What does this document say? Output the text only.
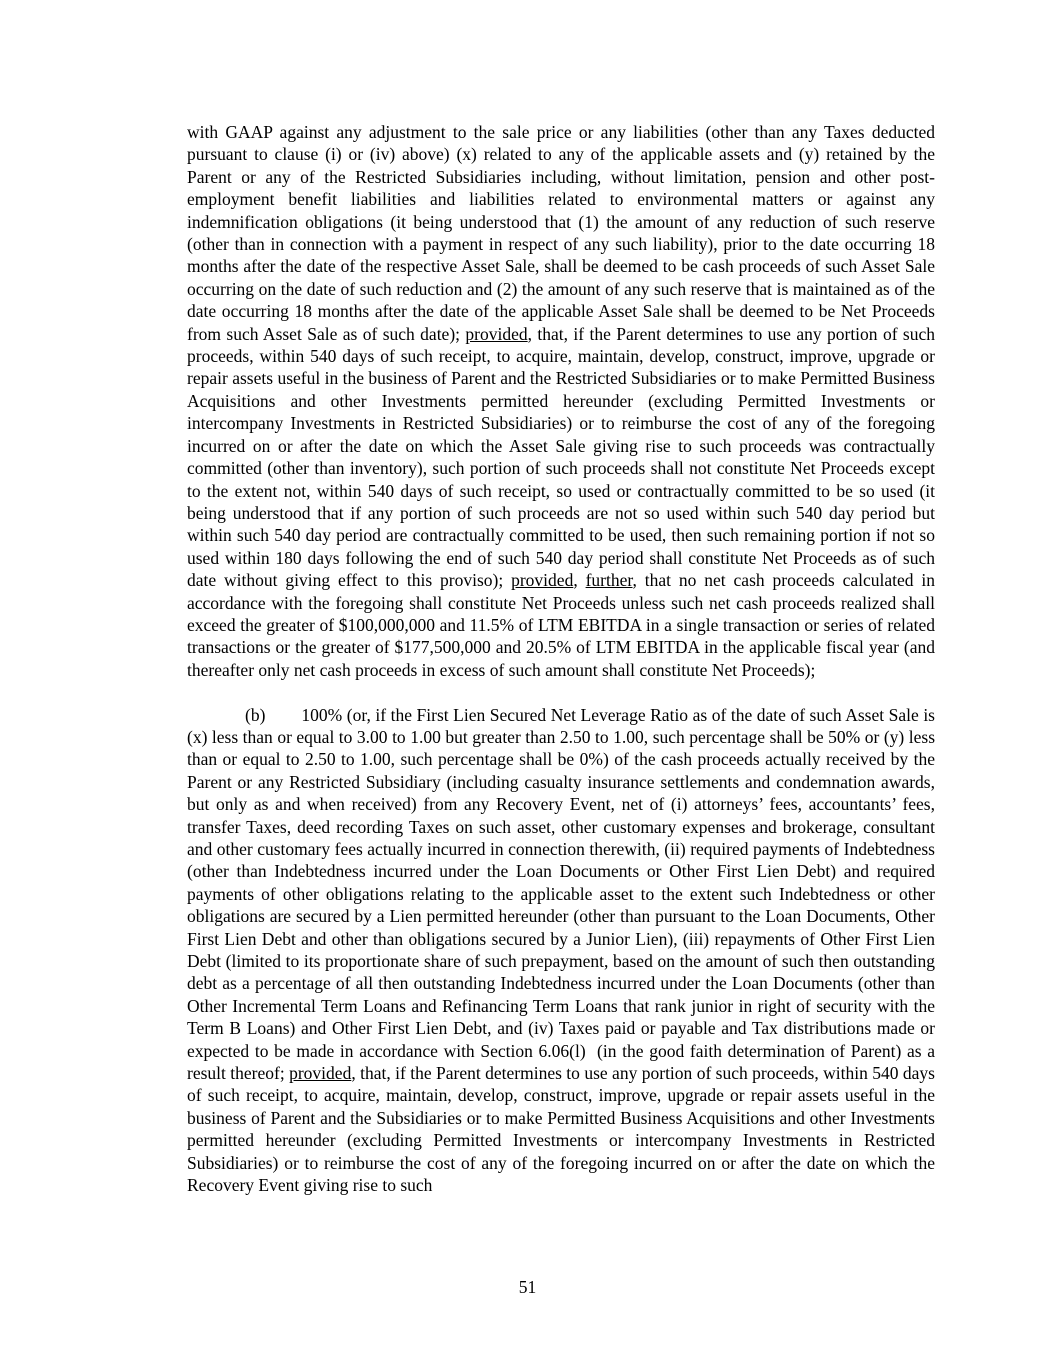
with GAAP against any adjustment to the sale price or any liabilities (other than any Taxes deducted pursuant to clause (i) or (iv) above) (x) related to any of the applicable assets and (y) retained by the Parent or any of the Restricted Subsidiaries including, without limitation, pension and other post-employment benefit liabilities and liabilities related to environmental matters or against any indemnification obligations (it being understood that (1) the amount of any reduction of such reserve (other than in connection with a payment in respect of any such liability), prior to the date occurring 18 months after the date of the respective Asset Sale, shall be deemed to be cash proceeds of such Asset Sale occurring on the date of such reduction and (2) the amount of any such reserve that is maintained as of the date occurring 18 months after the date of the applicable Asset Sale shall be deemed to be Net Proceeds from such Asset Sale as of such date); provided, that, if the Parent determines to use any portion of such proceeds, within 540 days of such receipt, to acquire, maintain, develop, construct, improve, upgrade or repair assets useful in the business of Parent and the Restricted Subsidiaries or to make Permitted Business Acquisitions and other Investments permitted hereunder (excluding Permitted Investments or intercompany Investments in Restricted Subsidiaries) or to reimburse the cost of any of the foregoing incurred on or after the date on which the Asset Sale giving rise to such proceeds was contractually committed (other than inventory), such portion of such proceeds shall not constitute Net Proceeds except to the extent not, within 540 days of such receipt, so used or contractually committed to be so used (it being understood that if any portion of such proceeds are not so used within such 540 day period but within such 540 day period are contractually committed to be used, then such remaining portion if not so used within 180 days following the end of such 540 day period shall constitute Net Proceeds as of such date without giving effect to this proviso); provided, further, that no net cash proceeds calculated in accordance with the foregoing shall constitute Net Proceeds unless such net cash proceeds realized shall exceed the greater of $100,000,000 and 11.5% of LTM EBITDA in a single transaction or series of related transactions or the greater of $177,500,000 and 20.5% of LTM EBITDA in the applicable fiscal year (and thereafter only net cash proceeds in excess of such amount shall constitute Net Proceeds);

(b) 100% (or, if the First Lien Secured Net Leverage Ratio as of the date of such Asset Sale is (x) less than or equal to 3.00 to 1.00 but greater than 2.50 to 1.00, such percentage shall be 50% or (y) less than or equal to 2.50 to 1.00, such percentage shall be 0%) of the cash proceeds actually received by the Parent or any Restricted Subsidiary (including casualty insurance settlements and condemnation awards, but only as and when received) from any Recovery Event, net of (i) attorneys’ fees, accountants’ fees, transfer Taxes, deed recording Taxes on such asset, other customary expenses and brokerage, consultant and other customary fees actually incurred in connection therewith, (ii) required payments of Indebtedness (other than Indebtedness incurred under the Loan Documents or Other First Lien Debt) and required payments of other obligations relating to the applicable asset to the extent such Indebtedness or other obligations are secured by a Lien permitted hereunder (other than pursuant to the Loan Documents, Other First Lien Debt and other than obligations secured by a Junior Lien), (iii) repayments of Other First Lien Debt (limited to its proportionate share of such prepayment, based on the amount of such then outstanding debt as a percentage of all then outstanding Indebtedness incurred under the Loan Documents (other than Other Incremental Term Loans and Refinancing Term Loans that rank junior in right of security with the Term B Loans) and Other First Lien Debt, and (iv) Taxes paid or payable and Tax distributions made or expected to be made in accordance with Section 6.06(l)  (in the good faith determination of Parent) as a result thereof; provided, that, if the Parent determines to use any portion of such proceeds, within 540 days of such receipt, to acquire, maintain, develop, construct, improve, upgrade or repair assets useful in the business of Parent and the Subsidiaries or to make Permitted Business Acquisitions and other Investments permitted hereunder (excluding Permitted Investments or intercompany Investments in Restricted Subsidiaries) or to reimburse the cost of any of the foregoing incurred on or after the date on which the Recovery Event giving rise to such

51
